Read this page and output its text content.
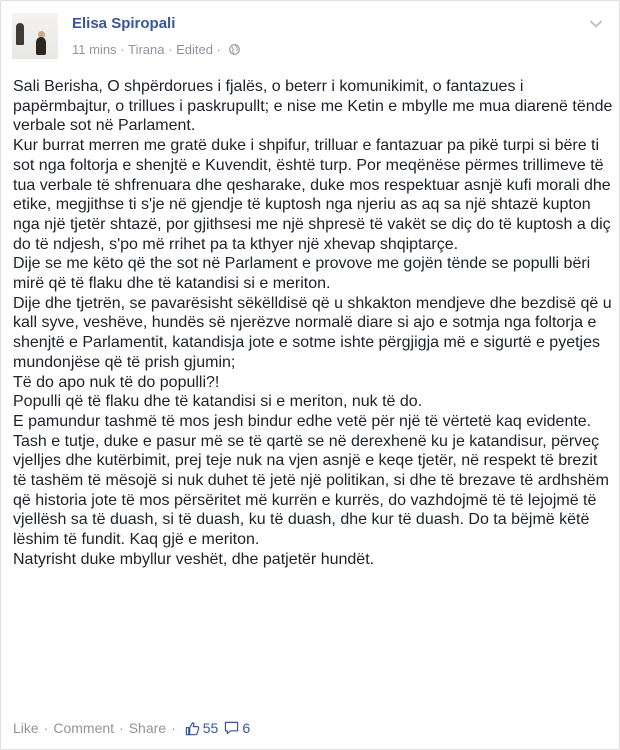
Elisa Spiropali
11 mins · Tirana · Edited ·

Sali Berisha, O shpërdorues i fjalës, o beterr i komunikimit, o fantazues i papërmbajtur, o trillues i paskrupullt; e nise me Ketin e mbylle me mua diarenë tënde verbale sot në Parlament.

Kur burrat merren me gratë duke i shpifur, trilluar e fantazuar pa pikë turpi si bëre ti sot nga foltorja e shenjtë e Kuvendit, është turp. Por meqënëse përmes trillimeve të tua verbale të shfrenuara dhe qesharake, duke mos respektuar asnjë kufi morali dhe etike, megjithse ti s'je në gjendje të kuptosh nga njeriu as aq sa një shtazë kupton nga një tjetër shtazë, por gjithsesi me një shpresë të vakët se diç do të kuptosh a diç do të ndjesh, s'po më rrihet pa ta kthyer një xhevap shqiptarçe.

Dije se me këto që the sot në Parlament e provove me gojën tënde se populli bëri mirë që të flaku dhe të katandisi si e meriton.

Dije dhe tjetrën, se pavarësisht sëkëlldisë që u shkakton mendjeve dhe bezdisë që u kall syve, veshëve, hundës së njerëzve normalë diare si ajo e sotmja nga foltorja e shenjtë e Parlamentit, katandisja jote e sotme ishte përgjigja më e sigurtë e pyetjes mundonjëse që të prish gjumin;

Të do apo nuk të do populli?!

Populli që të flaku dhe të katandisi si e meriton, nuk të do.

E pamundur tashmë të mos jesh bindur edhe vetë për një të vërtetë kaq evidente.

Tash e tutje, duke e pasur më se të qartë se në derexhenë ku je katandisur, përveç vjelljes dhe kutërbimit, prej teje nuk na vjen asnjë e keqe tjetër, në respekt të brezit të tashëm të mësojë si nuk duhet të jetë një politikan, si dhe të brezave të ardhshëm që historia jote të mos përsëritet më kurrën e kurrës, do vazhdojmë të të lejojmë të vjellësh sa të duash, si të duash, ku të duash, dhe kur të duash. Do ta bëjmë këtë lëshim të fundit. Kaq gjë e meriton.

Natyrisht duke mbyllur veshët, dhe patjetër hundët.

Like · Comment · Share · 55 6
